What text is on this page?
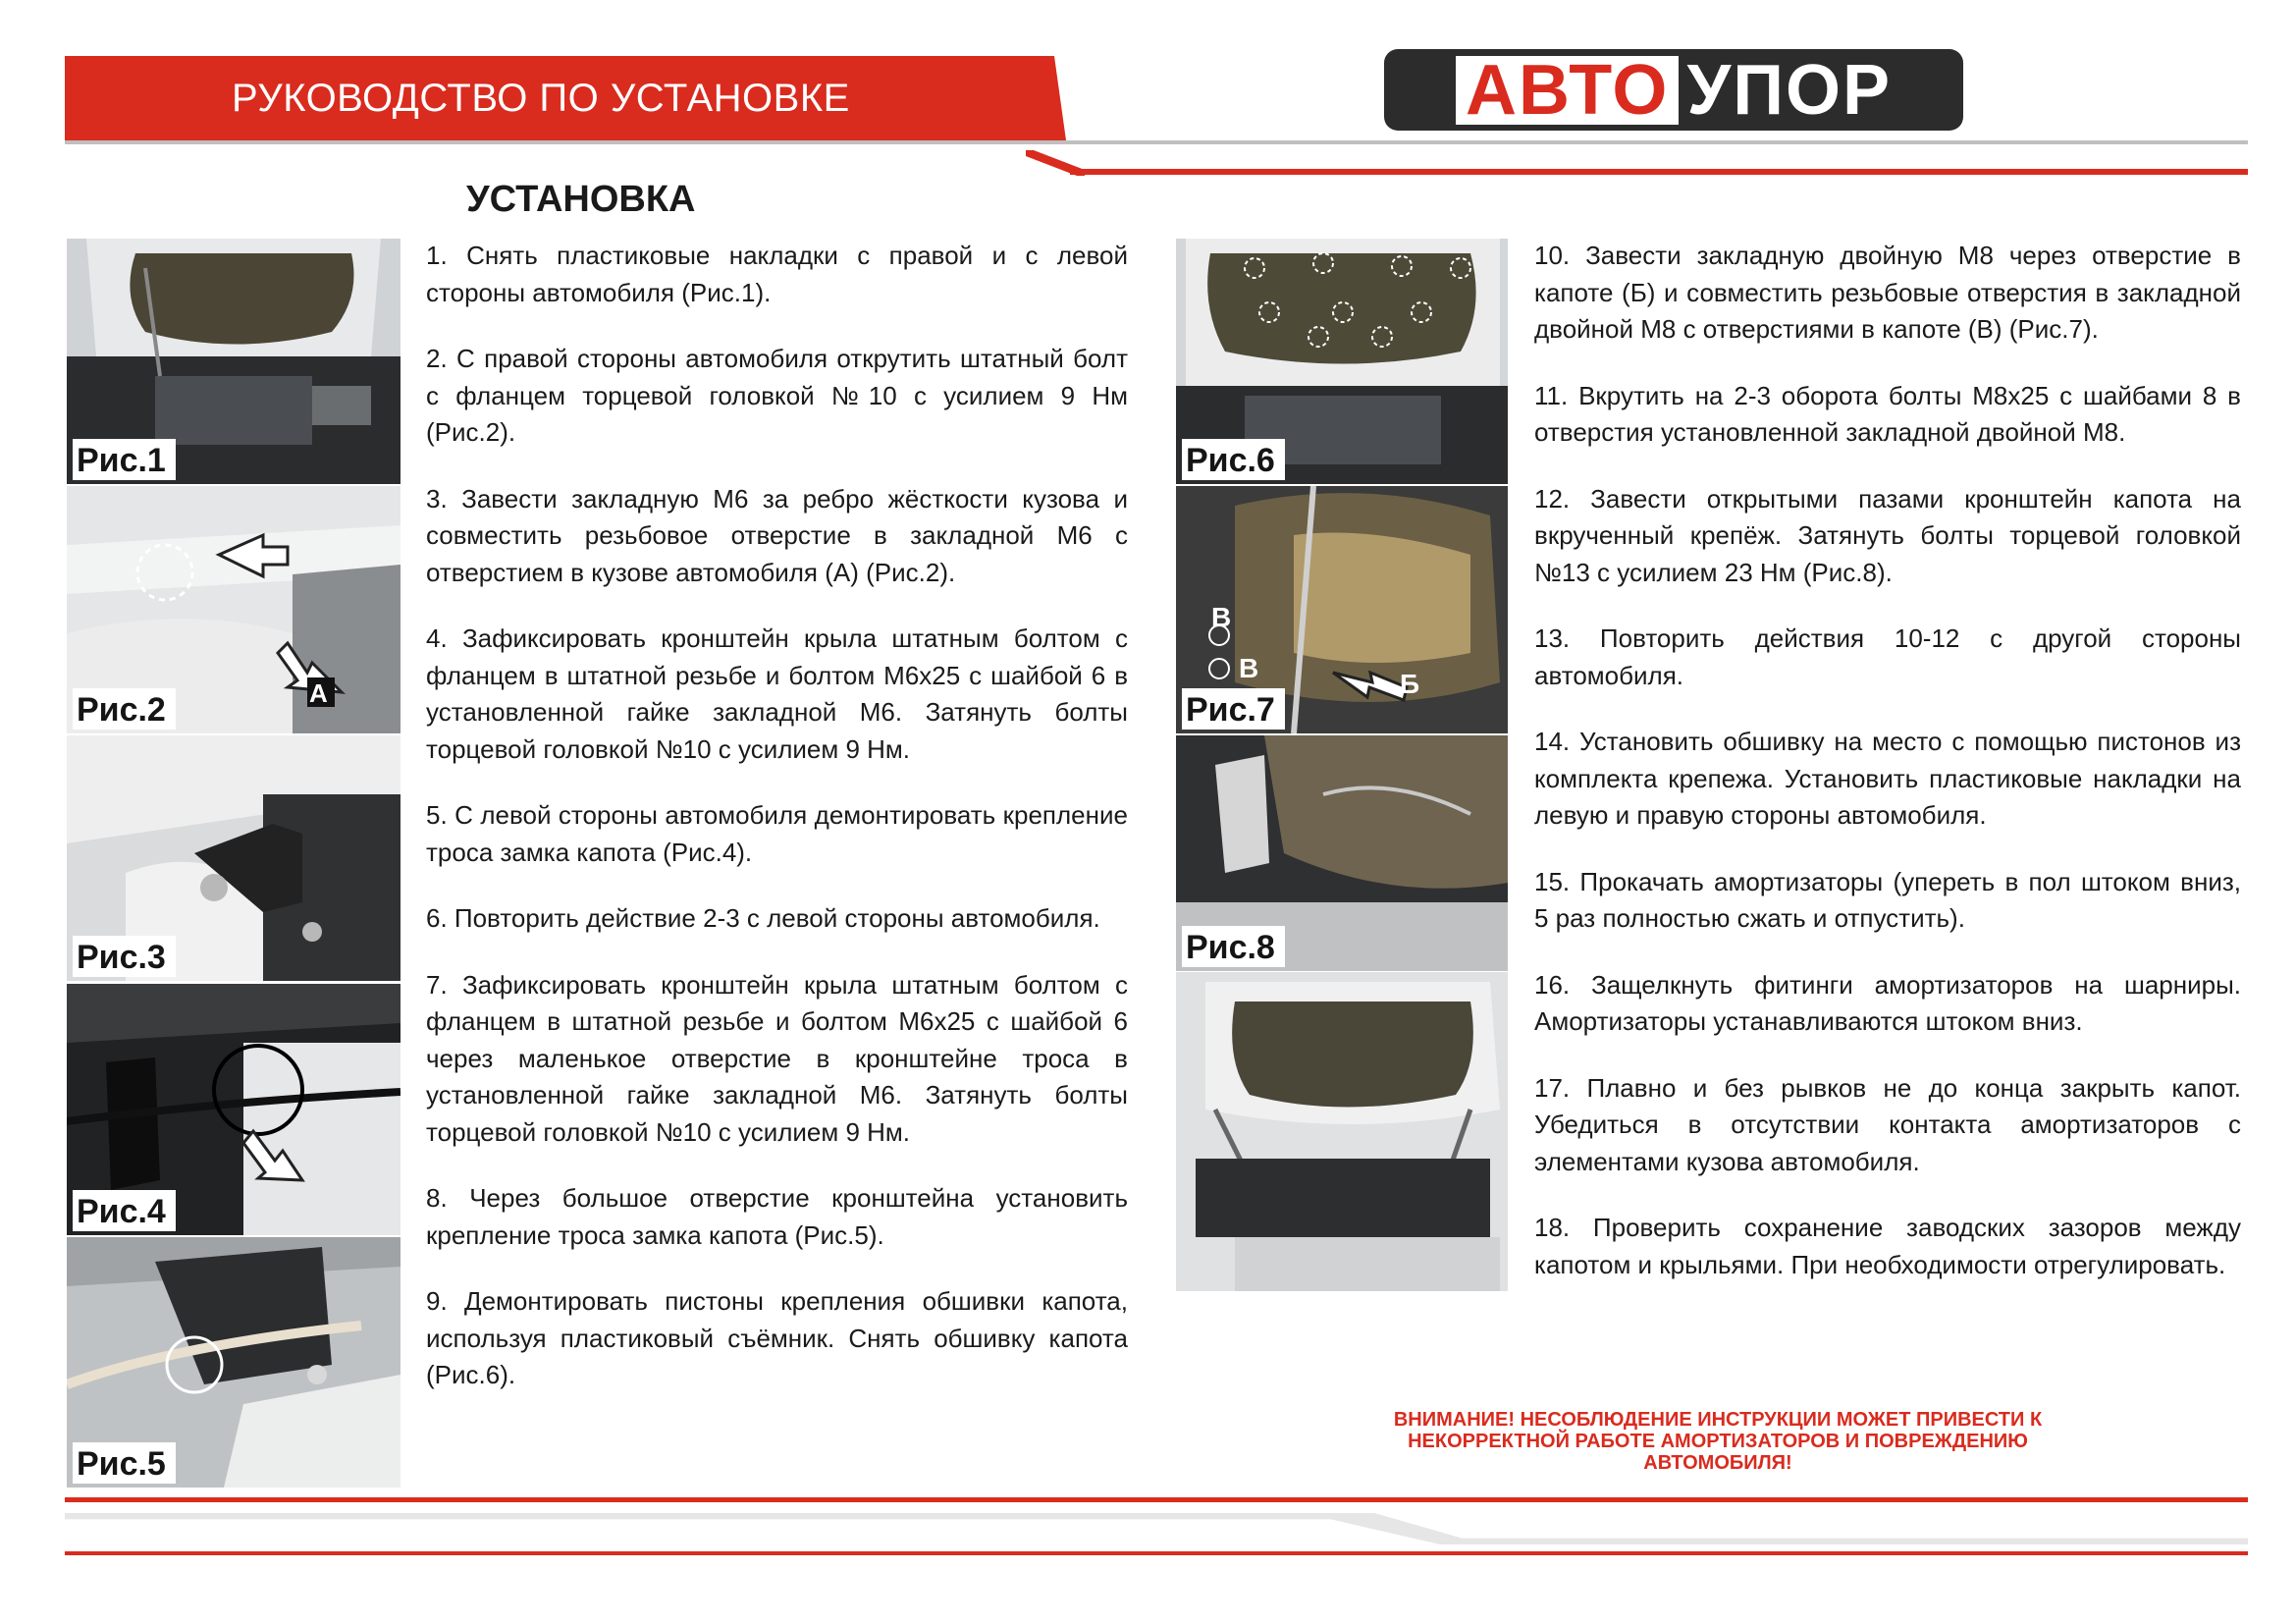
РУКОВОДСТВО ПО УСТАНОВКЕ	АВТО УПОР
УСТАНОВКА
Рис.1
А
Рис.2
Рис.3
Рис.4
Рис.5

1. Снять пластиковые накладки с правой и с левой стороны автомобиля (Рис.1).

2. С правой стороны автомобиля открутить штатный болт с фланцем торцевой головкой №10 с усилием 9 Нм (Рис.2).

3. Завести закладную М6 за ребро жёсткости кузова и совместить резьбовое отверстие в закладной М6 с отверстием в кузове автомобиля (А) (Рис.2).

4. Зафиксировать кронштейн крыла штатным болтом с фланцем в штатной резьбе и болтом М6х25 с шайбой 6 в установленной гайке закладной М6. Затянуть болты торцевой головкой №10 с усилием 9 Нм.

5. С левой стороны автомобиля демонтировать крепление троса замка капота (Рис.4).

6. Повторить действие 2-3 с левой стороны автомобиля.

7. Зафиксировать кронштейн крыла штатным болтом с фланцем в штатной резьбе и болтом М6х25 с шайбой 6 через маленькое отверстие в кронштейне троса в установленной гайке закладной М6. Затянуть болты торцевой головкой №10 с усилием 9 Нм.

8. Через большое отверстие кронштейна установить крепление троса замка капота (Рис.5).

9. Демонтировать пистоны крепления обшивки капота, используя пластиковый съёмник. Снять обшивку капота (Рис.6).

Рис.6
В
В
Б
Рис.7
Рис.8

10. Завести закладную двойную М8 через отверстие в капоте (Б) и совместить резьбовые отверстия в закладной двойной М8 с отверстиями в капоте (В) (Рис.7).

11. Вкрутить на 2-3 оборота болты М8х25 с шайбами 8 в отверстия установленной закладной двойной М8.

12. Завести открытыми пазами кронштейн капота на вкрученный крепёж. Затянуть болты торцевой головкой №13 с усилием 23 Нм (Рис.8).

13. Повторить действия 10-12 с другой стороны автомобиля.

14. Установить обшивку на место с помощью пистонов из комплекта крепежа. Установить пластиковые накладки на левую и правую стороны автомобиля.

15. Прокачать амортизаторы (упереть в пол штоком вниз, 5 раз полностью сжать и отпустить).

16. Защелкнуть фитинги амортизаторов на шарниры. Амортизаторы устанавливаются штоком вниз.

17. Плавно и без рывков не до конца закрыть капот. Убедиться в отсутствии контакта амортизаторов с элементами кузова автомобиля.

18. Проверить сохранение заводских зазоров между капотом и крыльями. При необходимости отрегулировать.

ВНИМАНИЕ! НЕСОБЛЮДЕНИЕ ИНСТРУКЦИИ МОЖЕТ ПРИВЕСТИ К
НЕКОРРЕКТНОЙ РАБОТЕ АМОРТИЗАТОРОВ И ПОВРЕЖДЕНИЮ
АВТОМОБИЛЯ!
